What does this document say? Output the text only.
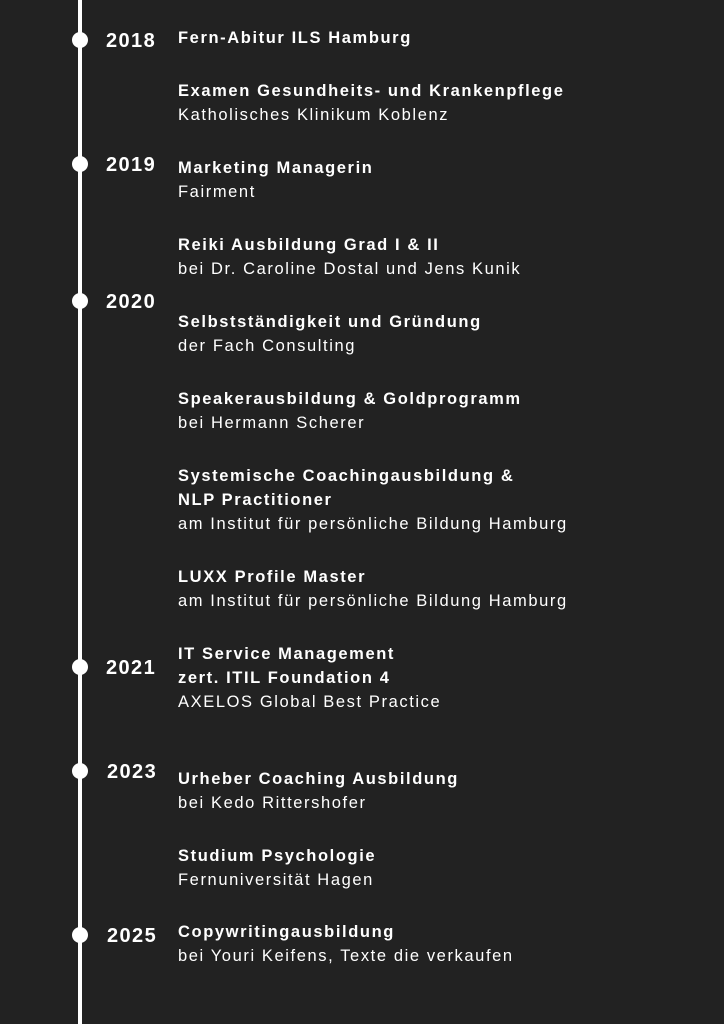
2018
2019
2020
2021
2023
2025
Fern-Abitur ILS Hamburg
Examen Gesundheits- und Krankenpflege
Katholisches Klinikum Koblenz
Marketing Managerin
Fairment
Reiki Ausbildung Grad I & II
bei Dr. Caroline Dostal und Jens Kunik
Selbstständigkeit und Gründung
der Fach Consulting
Speakerausbildung & Goldprogramm
bei Hermann Scherer
Systemische Coachingausbildung &
NLP Practitioner
am Institut für persönliche Bildung Hamburg
LUXX Profile Master
am Institut für persönliche Bildung Hamburg
IT Service Management
zert. ITIL Foundation 4
AXELOS Global Best Practice
Urheber Coaching Ausbildung
bei Kedo Rittershofer
Studium Psychologie
Fernuniversität Hagen
Copywritingausbildung
bei Youri Keifens, Texte die verkaufen
